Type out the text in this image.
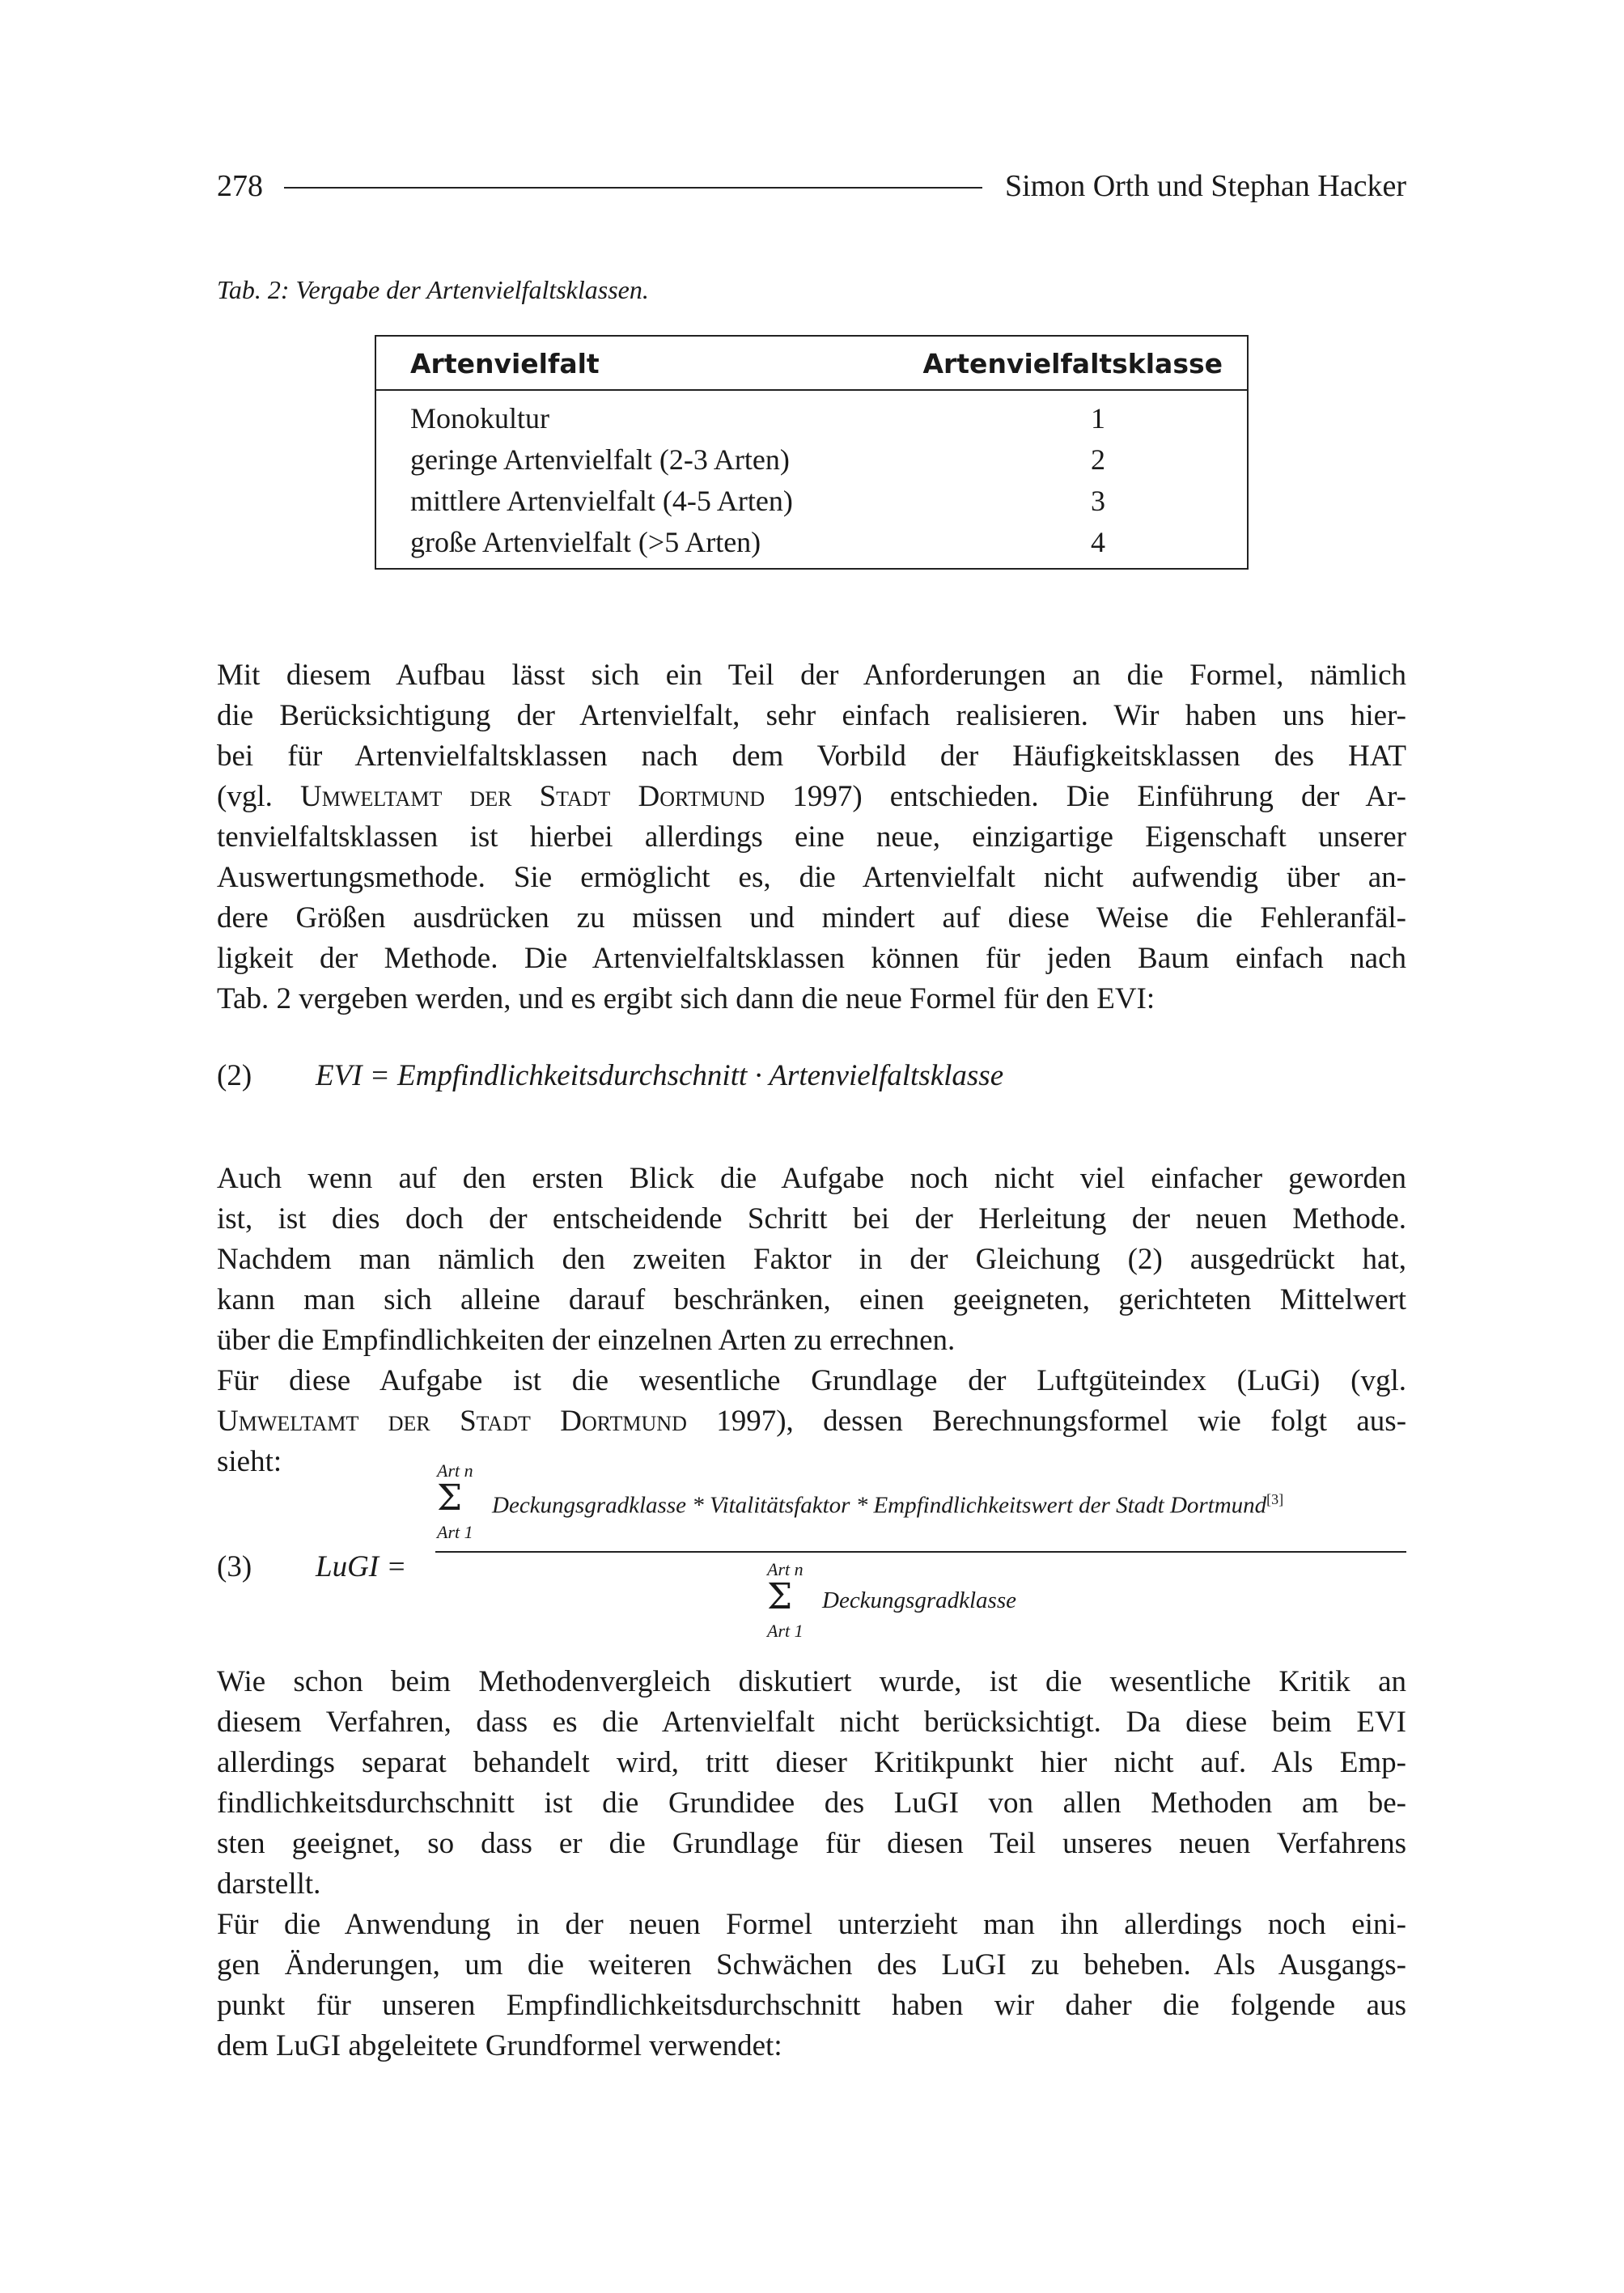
278	Simon Orth und Stephan Hacker
Tab. 2: Vergabe der Artenvielfaltsklassen.
Artenvielfalt	Artenvielfaltsklasse
Monokultur	1
geringe Artenvielfalt (2-3 Arten)	2
mittlere Artenvielfalt (4-5 Arten)	3
große Artenvielfalt (>5 Arten)	4
Mit diesem Aufbau lässt sich ein Teil der Anforderungen an die Formel, nämlich
die Berücksichtigung der Artenvielfalt, sehr einfach realisieren. Wir haben uns hier-
bei für Artenvielfaltsklassen nach dem Vorbild der Häufigkeitsklassen des HAT
(vgl. Umweltamt der Stadt Dortmund 1997) entschieden. Die Einführung der Ar-
tenvielfaltsklassen ist hierbei allerdings eine neue, einzigartige Eigenschaft unserer
Auswertungsmethode. Sie ermöglicht es, die Artenvielfalt nicht aufwendig über an-
dere Größen ausdrücken zu müssen und mindert auf diese Weise die Fehleranfäl-
ligkeit der Methode. Die Artenvielfaltsklassen können für jeden Baum einfach nach
Tab. 2 vergeben werden, und es ergibt sich dann die neue Formel für den EVI:
(2) EVI = Empfindlichkeitsdurchschnitt · Artenvielfaltsklasse
Auch wenn auf den ersten Blick die Aufgabe noch nicht viel einfacher geworden
ist, ist dies doch der entscheidende Schritt bei der Herleitung der neuen Methode.
Nachdem man nämlich den zweiten Faktor in der Gleichung (2) ausgedrückt hat,
kann man sich alleine darauf beschränken, einen geeigneten, gerichteten Mittelwert
über die Empfindlichkeiten der einzelnen Arten zu errechnen.
Für diese Aufgabe ist die wesentliche Grundlage der Luftgüteindex (LuGi) (vgl.
Umweltamt der Stadt Dortmund 1997), dessen Berechnungsformel wie folgt aus-
sieht:	Art n
Σ
Art 1
Deckungsgradklasse * Vitalitätsfaktor * Empfindlichkeitswert der Stadt Dortmund[3]
(3) LuGI =	Art n
Σ
Art 1
Deckungsgradklasse
Wie schon beim Methodenvergleich diskutiert wurde, ist die wesentliche Kritik an
diesem Verfahren, dass es die Artenvielfalt nicht berücksichtigt. Da diese beim EVI
allerdings separat behandelt wird, tritt dieser Kritikpunkt hier nicht auf. Als Emp-
findlichkeitsdurchschnitt ist die Grundidee des LuGI von allen Methoden am be-
sten geeignet, so dass er die Grundlage für diesen Teil unseres neuen Verfahrens
darstellt.
Für die Anwendung in der neuen Formel unterzieht man ihn allerdings noch eini-
gen Änderungen, um die weiteren Schwächen des LuGI zu beheben. Als Ausgangs-
punkt für unseren Empfindlichkeitsdurchschnitt haben wir daher die folgende aus
dem LuGI abgeleitete Grundformel verwendet:
